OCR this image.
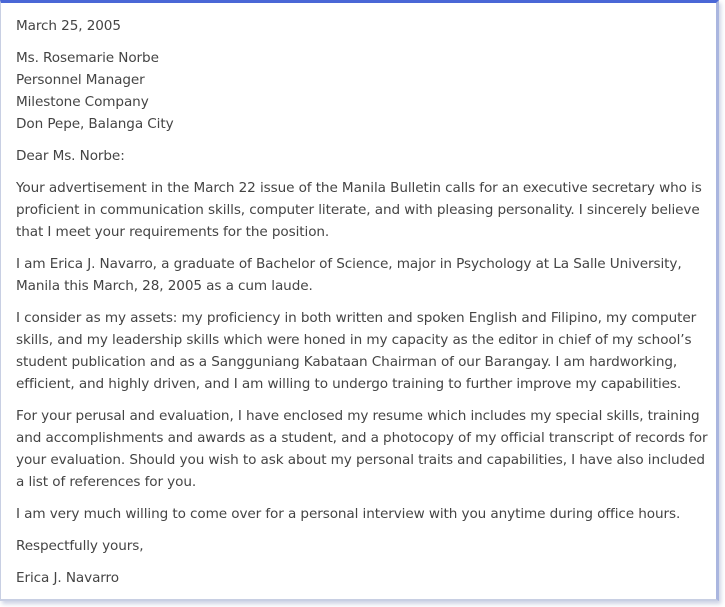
March 25, 2005

Ms. Rosemarie Norbe
Personnel Manager
Milestone Company
Don Pepe, Balanga City

Dear Ms. Norbe:

Your advertisement in the March 22 issue of the Manila Bulletin calls for an executive secretary who is proficient in communication skills, computer literate, and with pleasing personality. I sincerely believe that I meet your requirements for the position.

I am Erica J. Navarro, a graduate of Bachelor of Science, major in Psychology at La Salle University, Manila this March, 28, 2005 as a cum laude.

I consider as my assets: my proficiency in both written and spoken English and Filipino, my computer skills, and my leadership skills which were honed in my capacity as the editor in chief of my school’s student publication and as a Sangguniang Kabataan Chairman of our Barangay. I am hardworking, efficient, and highly driven, and I am willing to undergo training to further improve my capabilities.

For your perusal and evaluation, I have enclosed my resume which includes my special skills, training and accomplishments and awards as a student, and a photocopy of my official transcript of records for your evaluation. Should you wish to ask about my personal traits and capabilities, I have also included a list of references for you.

I am very much willing to come over for a personal interview with you anytime during office hours.

Respectfully yours,

Erica J. Navarro
